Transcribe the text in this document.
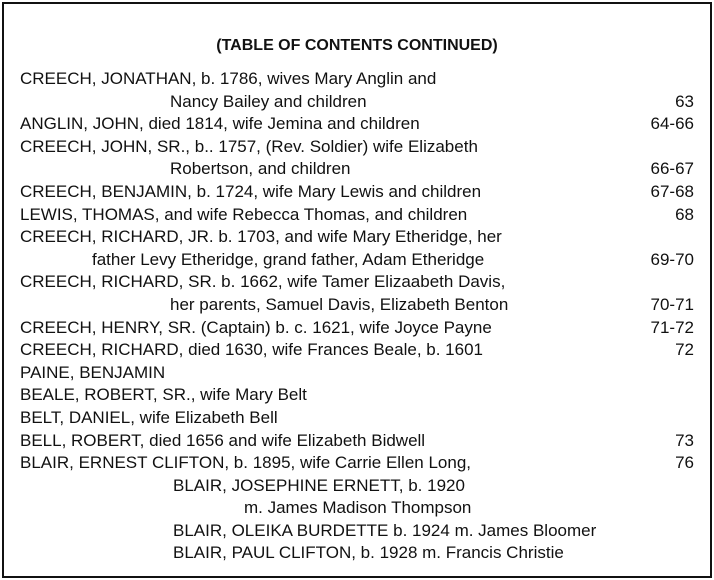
(TABLE OF CONTENTS CONTINUED)
CREECH, JONATHAN, b. 1786, wives Mary Anglin and
Nancy Bailey and children	63
ANGLIN, JOHN, died 1814, wife Jemina and children	64-66
CREECH, JOHN, SR., b.. 1757, (Rev. Soldier) wife Elizabeth
Robertson, and children	66-67
CREECH, BENJAMIN, b. 1724, wife Mary Lewis and children	67-68
LEWIS, THOMAS, and wife Rebecca Thomas, and children	68
CREECH, RICHARD, JR. b. 1703, and wife Mary Etheridge, her
father Levy Etheridge, grand father, Adam Etheridge	69-70
CREECH, RICHARD, SR. b. 1662, wife Tamer Elizaabeth Davis,
her parents, Samuel Davis, Elizabeth Benton	70-71
CREECH, HENRY, SR. (Captain) b. c. 1621, wife Joyce Payne	71-72
CREECH, RICHARD, died 1630, wife Frances Beale, b. 1601	72
PAINE, BENJAMIN
BEALE, ROBERT, SR., wife Mary Belt
BELT, DANIEL, wife Elizabeth Bell
BELL, ROBERT, died 1656 and wife Elizabeth Bidwell	73
BLAIR, ERNEST CLIFTON, b. 1895, wife Carrie Ellen Long,	76
BLAIR, JOSEPHINE ERNETT, b. 1920
m. James Madison Thompson
BLAIR, OLEIKA BURDETTE b. 1924 m. James Bloomer
BLAIR, PAUL CLIFTON, b. 1928 m. Francis Christie
